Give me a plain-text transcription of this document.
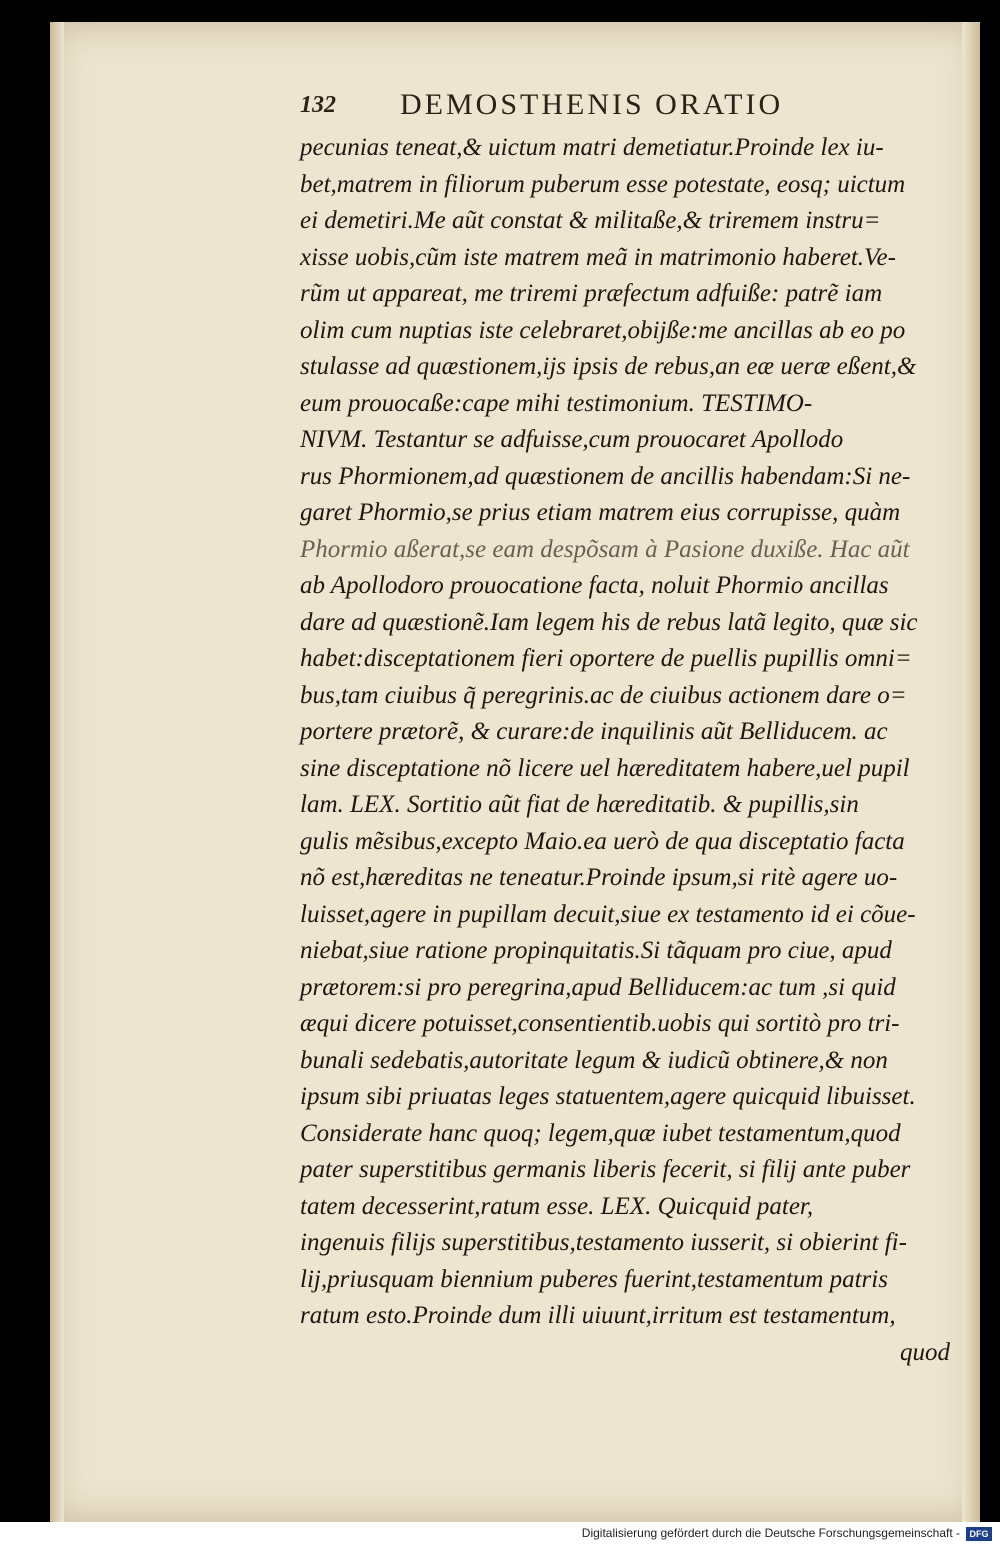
132 DEMOSTHENIS ORATIO
pecunias teneat,& uictum matri demetiatur.Proinde lex iu-
bet,matrem in filiorum puberum esse potestate, eosq; uictum
ei demetiri.Me aũt constat & militaße,& triremem instru=
xisse uobis,cũm iste matrem meã in matrimonio haberet.Ve-
rũm ut appareat, me triremi præfectum adfuiße: patrẽ iam
olim cum nuptias iste celebraret,obijße:me ancillas ab eo po
stulasse ad quæstionem,ijs ipsis de rebus,an eæ ueræ eßent,&
eum prouocaße:cape mihi testimonium. TESTIMO-
NIVM. Testantur se adfuisse,cum prouocaret Apollodo
rus Phormionem,ad quæstionem de ancillis habendam:Si ne-
garet Phormio,se prius etiam matrem eius corrupisse, quàm
Phormio aßerat,se eam despõsam à Pasione duxiße. Hac aũt
ab Apollodoro prouocatione facta, noluit Phormio ancillas
dare ad quæstionẽ.Iam legem his de rebus latã legito, quæ sic
habet:disceptationem fieri oportere de puellis pupillis omni=
bus,tam ciuibus q̃ peregrinis.ac de ciuibus actionem dare o=
portere prætorẽ, & curare:de inquilinis aũt Belliducem. ac
sine disceptatione nõ licere uel hæreditatem habere,uel pupil
lam. LEX. Sortitio aũt fiat de hæreditatib. & pupillis,sin
gulis mẽsibus,excepto Maio.ea uerò de qua disceptatio facta
nõ est,hæreditas ne teneatur.Proinde ipsum,si ritè agere uo-
luisset,agere in pupillam decuit,siue ex testamento id ei cõue-
niebat,siue ratione propinquitatis.Si tãquam pro ciue, apud
prætorem:si pro peregrina,apud Belliducem:ac tum ,si quid
æqui dicere potuisset,consentientib.uobis qui sortitò pro tri-
bunali sedebatis,autoritate legum & iudicũ obtinere,& non
ipsum sibi priuatas leges statuentem,agere quicquid libuisset.
Considerate hanc quoq; legem,quæ iubet testamentum,quod
pater superstitibus germanis liberis fecerit, si filij ante puber
tatem decesserint,ratum esse. LEX. Quicquid pater,
ingenuis filijs superstitibus,testamento iusserit, si obierint fi-
lij,priusquam biennium puberes fuerint,testamentum patris
ratum esto.Proinde dum illi uiuunt,irritum est testamentum,
quod
Digitalisierung gefördert durch die Deutsche Forschungsgemeinschaft -	DFG
